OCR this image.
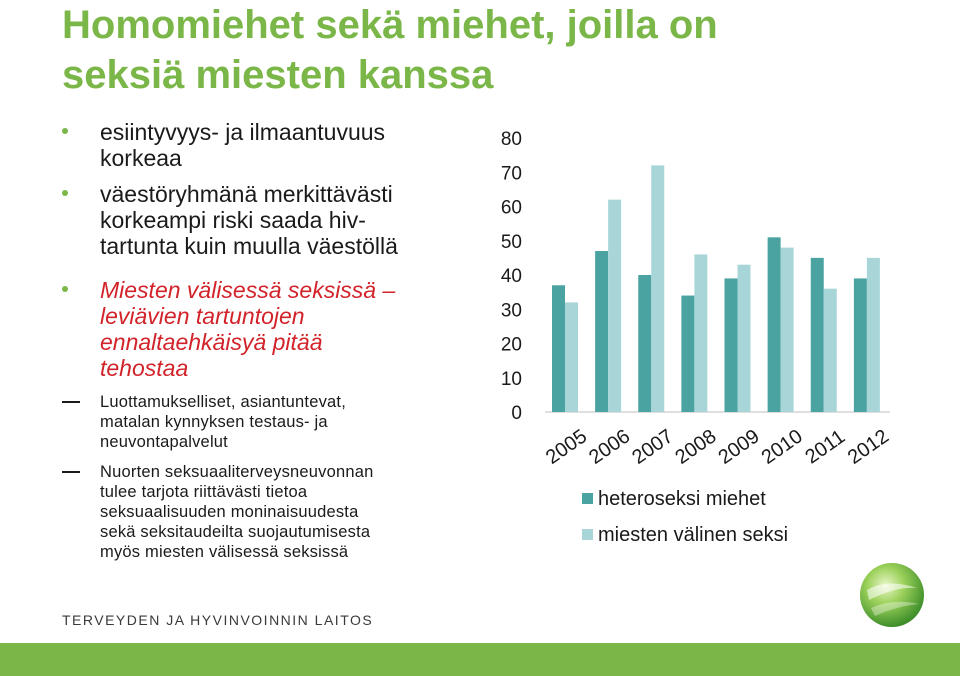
Homomiehet sekä miehet, joilla on
seksiä miesten kanssa
esiintyvyys- ja ilmaantuvuus
korkeaa
väestöryhmänä merkittävästi
korkeampi riski saada hiv-
tartunta kuin muulla väestöllä
Miesten välisessä seksissä –
leviävien tartuntojen
ennaltaehkäisyä pitää
tehostaa
Luottamukselliset, asiantuntevat,
matalan kynnyksen testaus- ja
neuvontapalvelut
Nuorten seksuaaliterveysneuvonnan
tulee tarjota riittävästi tietoa
seksuaalisuuden moninaisuudesta
sekä seksitaudeilta suojautumisesta
myös miesten välisessä seksissä
0
10
20
30
40
50
60
70
80
2005
2006
2007
2008
2009
2010
2011
2012
heteroseksi miehet
miesten välinen seksi
TERVEYDEN JA HYVINVOINNIN LAITOS
